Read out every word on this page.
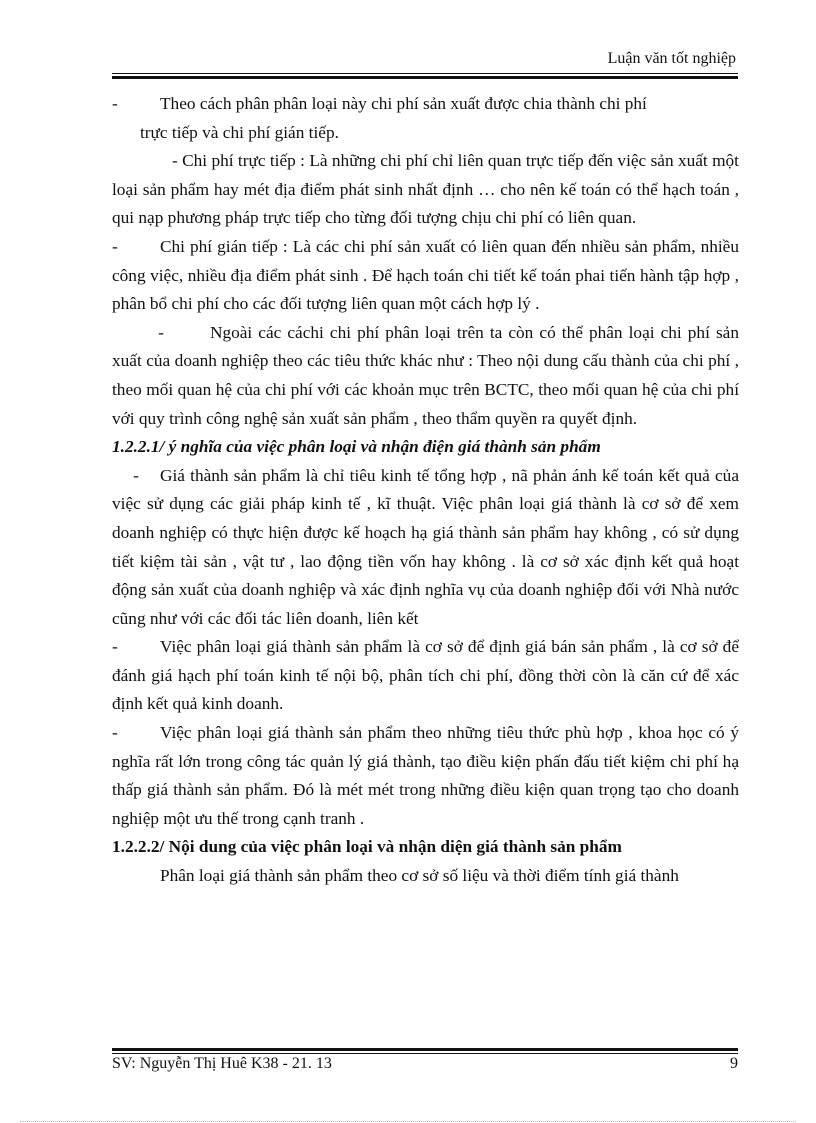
Luận văn tốt nghiệp

- Theo cách phân phân loại này chi phí sản xuất được chia thành chi phí

trực tiếp và chi phí gián tiếp.

- Chi phí trực tiếp : Là những chi phí chỉ liên quan trực tiếp đến việc sản xuất một loại sản phẩm hay mét địa điểm phát sinh nhất định … cho nên kế toán có thể hạch toán , qui nạp phương pháp trực tiếp cho từng đối tượng chịu chi phí có liên quan.

- Chi phí gián tiếp : Là các chi phí sản xuất có liên quan đến nhiều sản phẩm, nhiều công việc, nhiều địa điểm phát sinh . Để hạch toán chi tiết kế toán phai tiến hành tập hợp , phân bổ chi phí cho các đối tượng liên quan một cách hợp lý .

-	Ngoài các cáchi chi phí phân loại trên ta còn có thể phân loại chi phí sản xuất của doanh nghiệp theo các tiêu thức khác như : Theo nội dung cấu thành của chi phí , theo mối quan hệ của chi phí với các khoản mục trên BCTC, theo mối quan hệ của chi phí với quy trình công nghệ sản xuất sản phẩm , theo thẩm quyền ra quyết định.

1.2.2.1/ ý nghĩa của việc phân loại và nhận điện giá thành sản phẩm

- Giá thành sản phẩm là chỉ tiêu kinh tế tổng hợp , nã phản ánh kế toán kết quả của việc sử dụng các giải pháp kinh tế , kĩ thuật. Việc phân loại giá thành là cơ sở để xem doanh nghiệp có thực hiện được kế hoạch hạ giá thành sản phẩm hay không , có sử dụng tiết kiệm tài sản , vật tư , lao động tiền vốn hay không . là cơ sở xác định kết quả hoạt động sản xuất của doanh nghiệp và xác định nghĩa vụ của doanh nghiệp đối với Nhà nước cũng như với các đối tác liên doanh, liên kết

- Việc phân loại giá thành sản phẩm là cơ sở để định giá bán sản phẩm , là cơ sở để đánh giá hạch phí toán kinh tế nội bộ, phân tích chi phí, đồng thời còn là căn cứ để xác định kết quả kinh doanh.

- Việc phân loại giá thành sản phẩm theo những tiêu thức phù hợp , khoa học có ý nghĩa rất lớn trong công tác quản lý giá thành, tạo điều kiện phấn đấu tiết kiệm chi phí hạ thấp giá thành sản phẩm. Đó là mét mét trong những điều kiện quan trọng tạo cho doanh nghiệp một ưu thế trong cạnh tranh .

1.2.2.2/ Nội dung của việc phân loại và nhận diện giá thành sản phẩm

Phân loại giá thành sản phẩm theo cơ sở số liệu và thời điểm tính giá thành

SV: Nguyễn Thị Huê K38 - 21. 13	9
